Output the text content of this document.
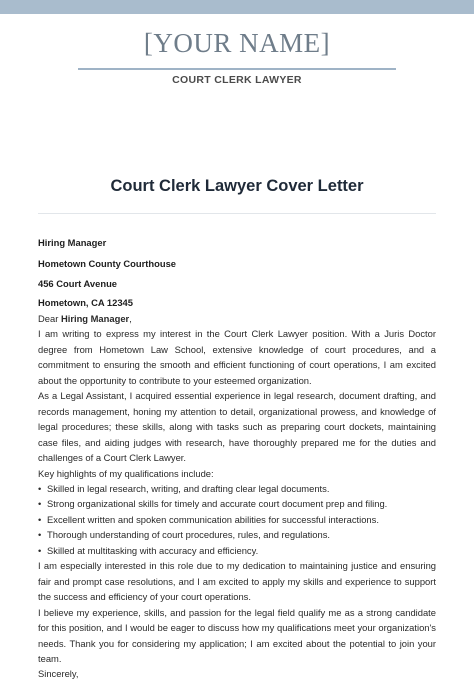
[YOUR NAME]
COURT CLERK LAWYER
Court Clerk Lawyer Cover Letter
Hiring Manager
Hometown County Courthouse
456 Court Avenue
Hometown, CA 12345

Dear Hiring Manager,

I am writing to express my interest in the Court Clerk Lawyer position. With a Juris Doctor degree from Hometown Law School, extensive knowledge of court procedures, and a commitment to ensuring the smooth and efficient functioning of court operations, I am excited about the opportunity to contribute to your esteemed organization.

As a Legal Assistant, I acquired essential experience in legal research, document drafting, and records management, honing my attention to detail, organizational prowess, and knowledge of legal procedures; these skills, along with tasks such as preparing court dockets, maintaining case files, and aiding judges with research, have thoroughly prepared me for the duties and challenges of a Court Clerk Lawyer.

Key highlights of my qualifications include:

• Skilled in legal research, writing, and drafting clear legal documents.
• Strong organizational skills for timely and accurate court document prep and filing.
• Excellent written and spoken communication abilities for successful interactions.
• Thorough understanding of court procedures, rules, and regulations.
• Skilled at multitasking with accuracy and efficiency.

I am especially interested in this role due to my dedication to maintaining justice and ensuring fair and prompt case resolutions, and I am excited to apply my skills and experience to support the success and efficiency of your court operations.

I believe my experience, skills, and passion for the legal field qualify me as a strong candidate for this position, and I would be eager to discuss how my qualifications meet your organization's needs. Thank you for considering my application; I am excited about the potential to join your team.

Sincerely,
